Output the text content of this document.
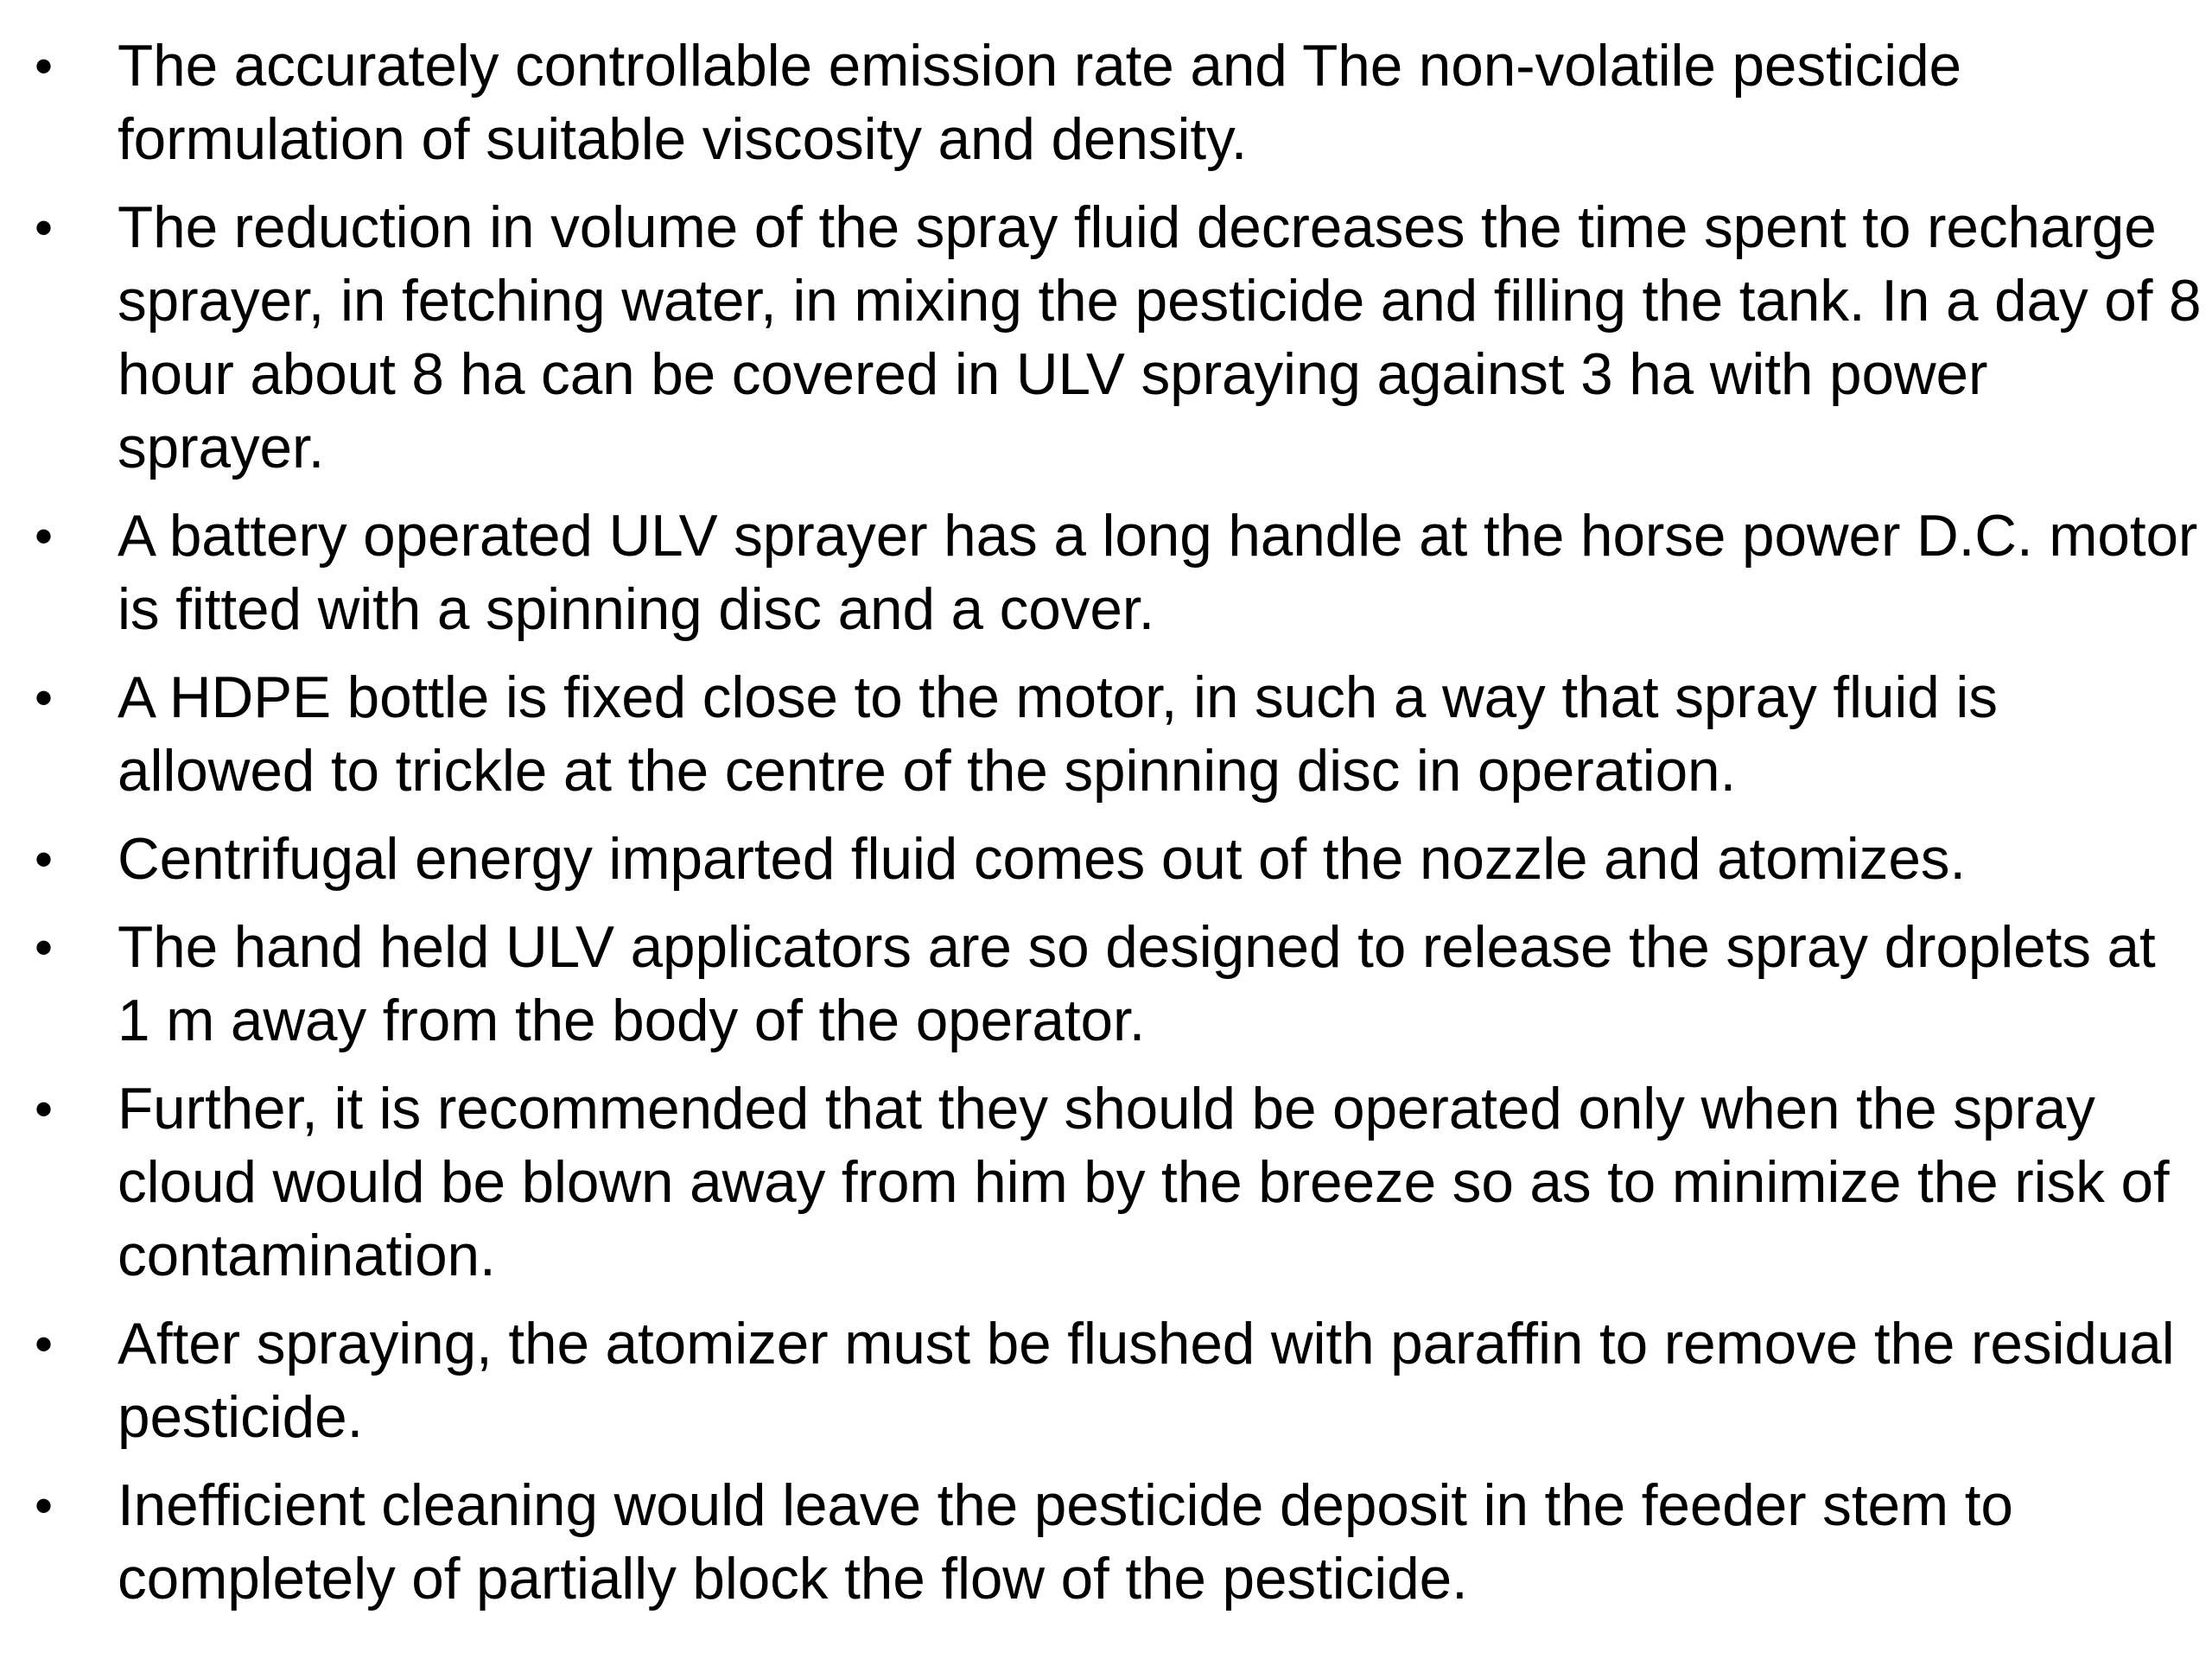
• The accurately controllable emission rate and The non-volatile pesticide formulation of suitable viscosity and density.
• The reduction in volume of the spray fluid decreases the time spent to recharge sprayer, in fetching water, in mixing the pesticide and filling the tank. In a day of 8 hour about 8 ha can be covered in ULV spraying against 3 ha with power sprayer.
• A battery operated ULV sprayer has a long handle at the horse power D.C. motor is fitted with a spinning disc and a cover.
• A HDPE bottle is fixed close to the motor, in such a way that spray fluid is allowed to trickle at the centre of the spinning disc in operation.
• Centrifugal energy imparted fluid comes out of the nozzle and atomizes.
• The hand held ULV applicators are so designed to release the spray droplets at 1 m away from the body of the operator.
• Further, it is recommended that they should be operated only when the spray cloud would be blown away from him by the breeze so as to minimize the risk of contamination.
• After spraying, the atomizer must be flushed with paraffin to remove the residual pesticide.
• Inefficient cleaning would leave the pesticide deposit in the feeder stem to completely of partially block the flow of the pesticide.
